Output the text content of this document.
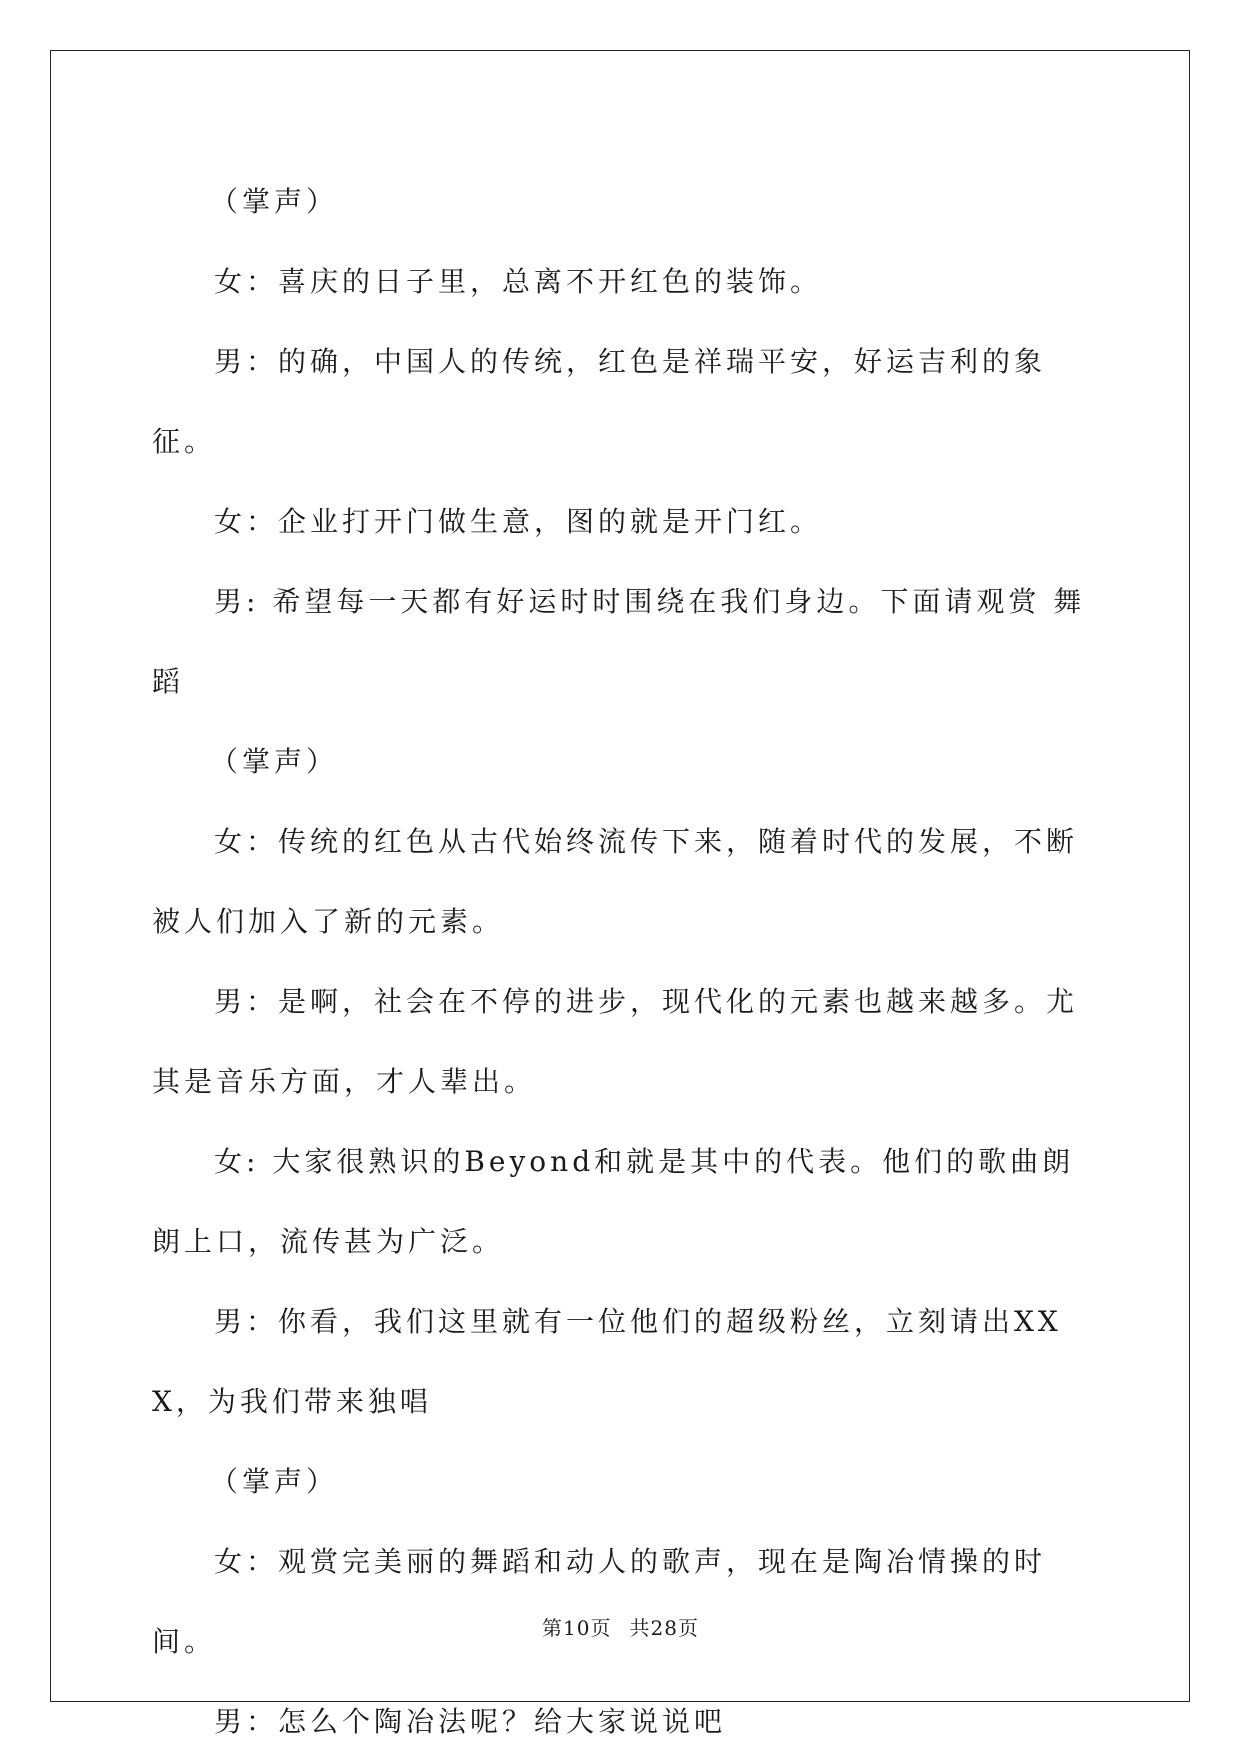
（掌声）

女：喜庆的日子里，总离不开红色的装饰。

男：的确，中国人的传统，红色是祥瑞平安，好运吉利的象征。

女：企业打开门做生意，图的就是开门红。

男: 希望每一天都有好运时时围绕在我们身边。下面请观赏 舞蹈

（掌声）

女：传统的红色从古代始终流传下来，随着时代的发展，不断被人们加入了新的元素。

男：是啊，社会在不停的进步，现代化的元素也越来越多。尤其是音乐方面，才人辈出。

女: 大家很熟识的Beyond和就是其中的代表。他们的歌曲朗朗上口，流传甚为广泛。

男：你看，我们这里就有一位他们的超级粉丝，立刻请出XXX，为我们带来独唱

（掌声）

女：观赏完美丽的舞蹈和动人的歌声，现在是陶冶情操的时间。

男：怎么个陶冶法呢？给大家说说吧

第10页 共28页
